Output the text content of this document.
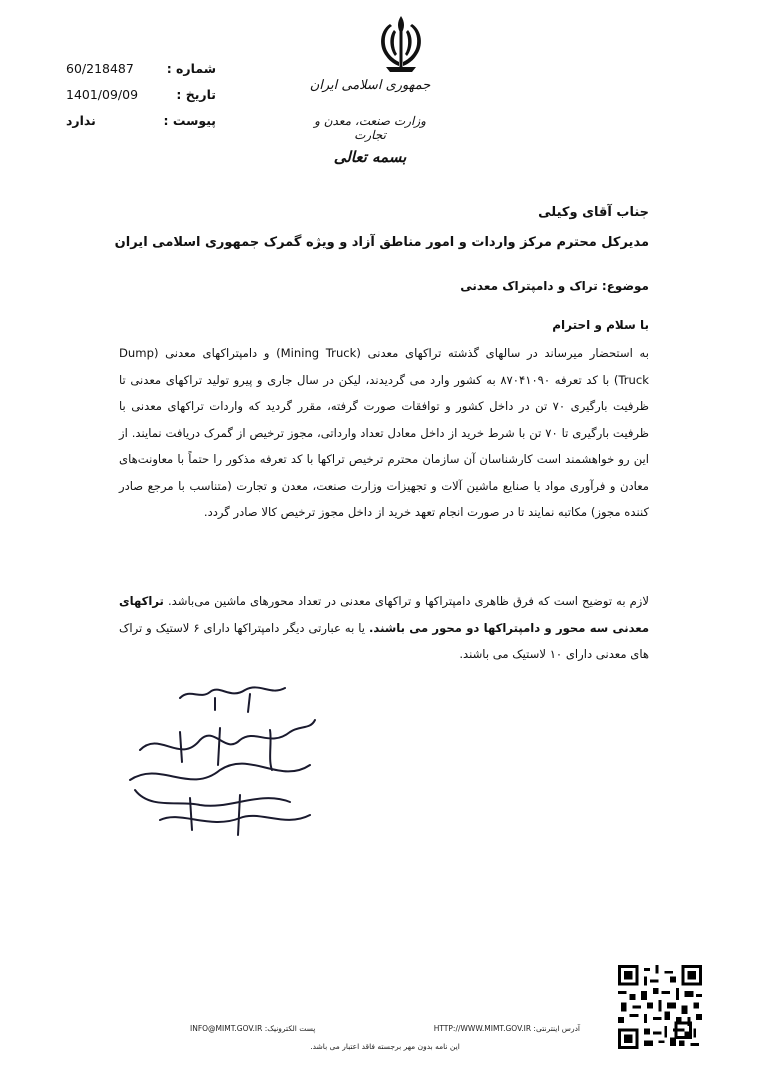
شماره :
60/218487
تاریخ :
1401/09/09
پیوست :
ندارد
جمهوری اسلامی ایران
وزارت صنعت، معدن و تجارت
بسمه تعالی
جناب آقای وکیلی
مدیرکل محترم مرکز واردات و امور مناطق آزاد و ویژه گمرک جمهوری اسلامی ایران
موضوع: تراک و دامپتراک معدنی
با سلام و احترام
به استحضار میرساند در سالهای گذشته تراکهای معدنی (Mining Truck) و دامپتراکهای معدنی (Dump Truck) با کد تعرفه ۸۷۰۴۱۰۹۰ به کشور وارد می گردیدند، لیکن در سال جاری و پیرو تولید تراکهای معدنی تا ظرفیت بارگیری ۷۰ تن در داخل کشور و توافقات صورت گرفته، مقرر گردید که واردات تراکهای معدنی با ظرفیت بارگیری تا ۷۰ تن با شرط خرید از داخل معادل تعداد وارداتی، مجوز ترخیص از گمرک دریافت نمایند. از این رو خواهشمند است کارشناسان آن سازمان محترم ترخیص تراکها با کد تعرفه مذکور را حتماً با معاونت‌های معادن و فرآوری مواد یا صنایع ماشین آلات و تجهیزات وزارت صنعت، معدن و تجارت (متناسب با مرجع صادر کننده مجوز) مکاتبه نمایند تا در صورت انجام تعهد خرید از داخل مجوز ترخیص کالا صادر گردد.
لازم به توضیح است که فرق ظاهری دامپتراکها و تراکهای معدنی در تعداد محورهای ماشین می‌باشد. تراکهای معدنی سه محور و دامپتراکها دو محور می باشند. یا به عبارتی دیگر دامپتراکها دارای ۶ لاستیک و تراک های معدنی دارای ۱۰ لاستیک می باشند.
INFO@MIMT.GOV.IR :پست الکترونیک	HTTP://WWW.MIMT.GOV.IR :آدرس اینترنتی
این نامه بدون مهر برجسته فاقد اعتبار می باشد.
